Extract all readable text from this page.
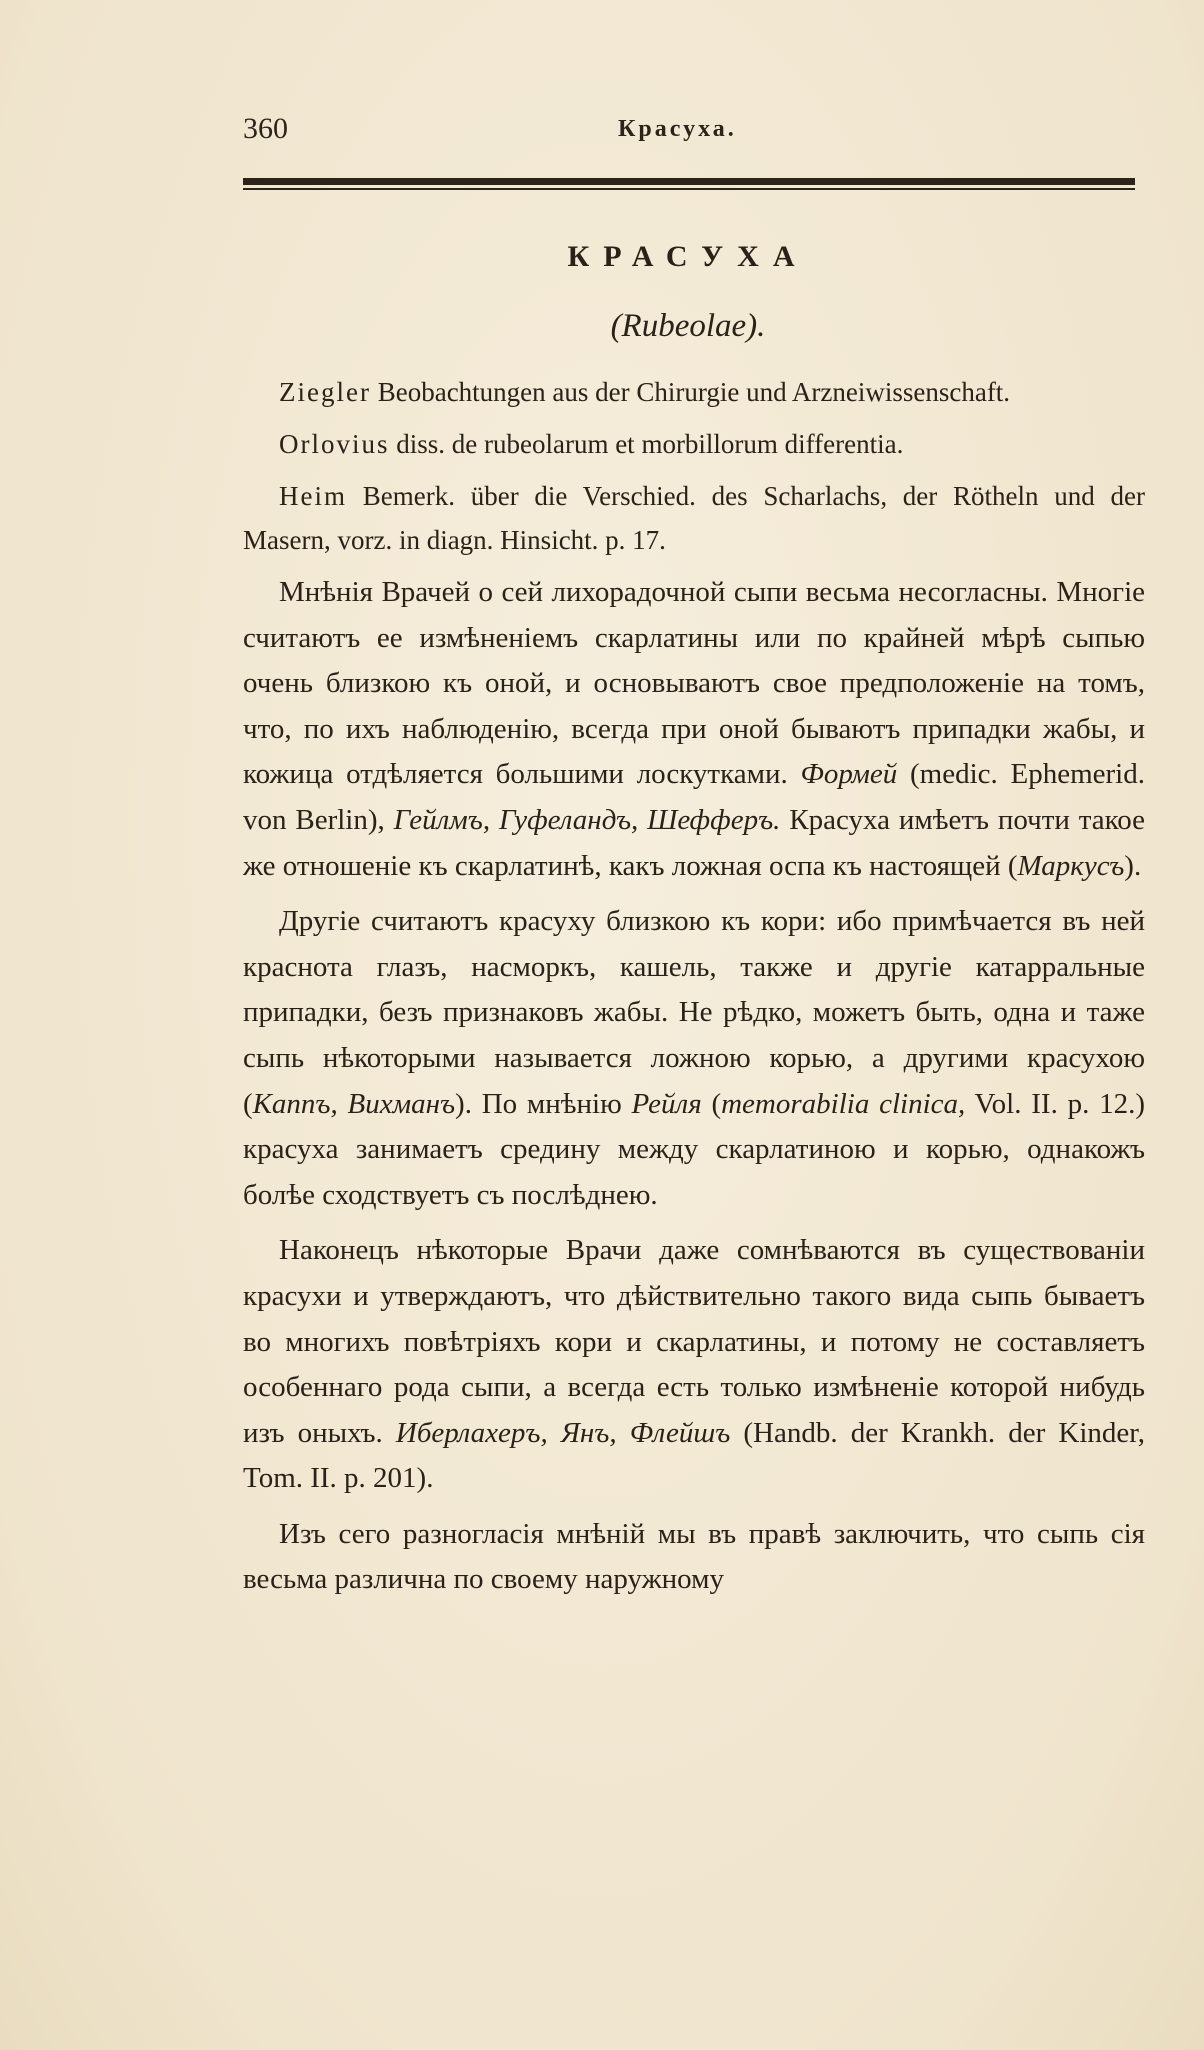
360	Красуха.
КРАСУХА
(Rubeolae).

Ziegler Beobachtungen aus der Chirurgie und Arzneiwissenschaft.

Orlovius diss. de rubeolarum et morbillorum differentia.

Heim Bemerk. über die Verschied. des Scharlachs, der Rötheln und der Masern, vorz. in diagn. Hinsicht. p. 17.

Мнѣнія Врачей о сей лихорадочной сыпи весьма несогласны. Многіе считаютъ ее измѣненіемъ скарлатины или по крайней мѣрѣ сыпью очень близкою къ оной, и основываютъ свое предположеніе на томъ, что, по ихъ наблюденію, всегда при оной бываютъ припадки жабы, и кожица отдѣляется большими лоскутками. Формей (medic. Ephemerid. von Berlin), Гейлмъ, Гуфеландъ, Шефферъ. Красуха имѣетъ почти такое же отношеніе къ скарлатинѣ, какъ ложная оспа къ настоящей (Маркусъ).

Другіе считаютъ красуху близкою къ кори: ибо примѣчается въ ней краснота глазъ, насморкъ, кашель, также и другіе катарральные припадки, безъ признаковъ жабы. Не рѣдко, можетъ быть, одна и таже сыпь нѣкоторыми называется ложною корью, а другими красухою (Каппъ, Вихманъ). По мнѣнію Рейля (memorabilia clinica, Vol. II. p. 12.) красуха занимаетъ средину между скарлатиною и корью, однакожъ болѣе сходствуетъ съ послѣднею.

Наконецъ нѣкоторые Врачи даже сомнѣваются въ существованіи красухи и утверждаютъ, что дѣйствительно такого вида сыпь бываетъ во многихъ повѣтріяхъ кори и скарлатины, и потому не составляетъ особеннаго рода сыпи, а всегда есть только измѣненіе которой нибудь изъ оныхъ. Иберлахеръ, Янъ, Флейшъ (Handb. der Krankh. der Kinder, Tom. II. p. 201).

Изъ сего разногласія мнѣній мы въ правѣ заключить, что сыпь сія весьма различна по своему наружному
